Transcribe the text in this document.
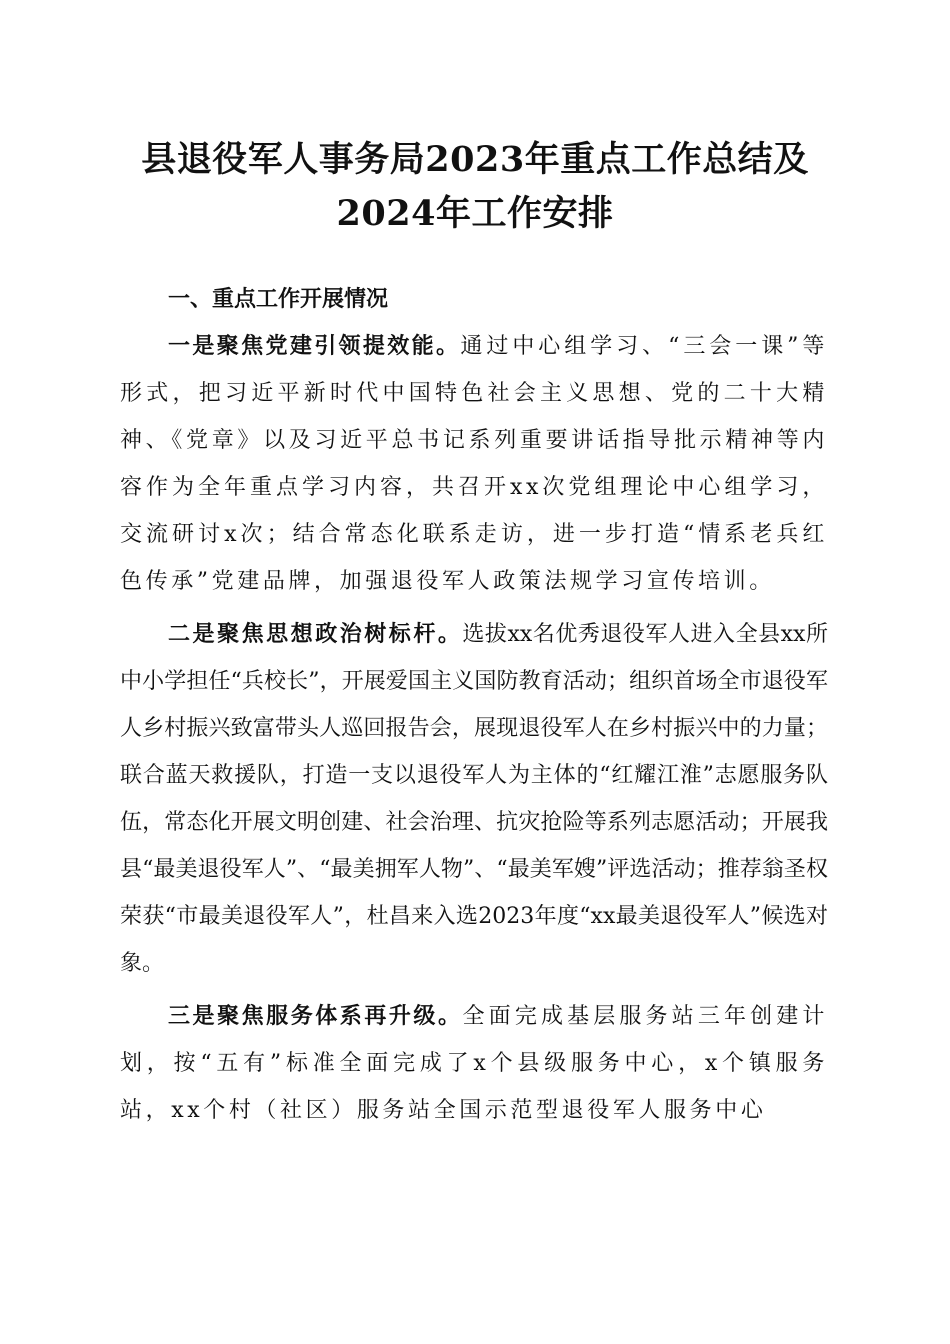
县退役军人事务局2023年重点工作总结及
2024年工作安排

一、重点工作开展情况

一是聚焦党建引领提效能。通过中心组学习、“三会一课”等形式，把习近平新时代中国特色社会主义思想、党的二十大精神、《党章》以及习近平总书记系列重要讲话指导批示精神等内容作为全年重点学习内容，共召开xx次党组理论中心组学习，交流研讨x次；结合常态化联系走访，进一步打造“情系老兵红色传承”党建品牌，加强退役军人政策法规学习宣传培训。

二是聚焦思想政治树标杆。选拔xx名优秀退役军人进入全县xx所中小学担任“兵校长”，开展爱国主义国防教育活动；组织首场全市退役军人乡村振兴致富带头人巡回报告会，展现退役军人在乡村振兴中的力量；联合蓝天救援队，打造一支以退役军人为主体的“红耀江淮”志愿服务队伍，常态化开展文明创建、社会治理、抗灾抢险等系列志愿活动；开展我县“最美退役军人”、“最美拥军人物”、“最美军嫂”评选活动；推荐翁圣权荣获“市最美退役军人”，杜昌来入选2023年度“xx最美退役军人”候选对象。

三是聚焦服务体系再升级。全面完成基层服务站三年创建计划，按“五有”标准全面完成了x个县级服务中心，x个镇服务站，xx个村（社区）服务站全国示范型退役军人服务中心
